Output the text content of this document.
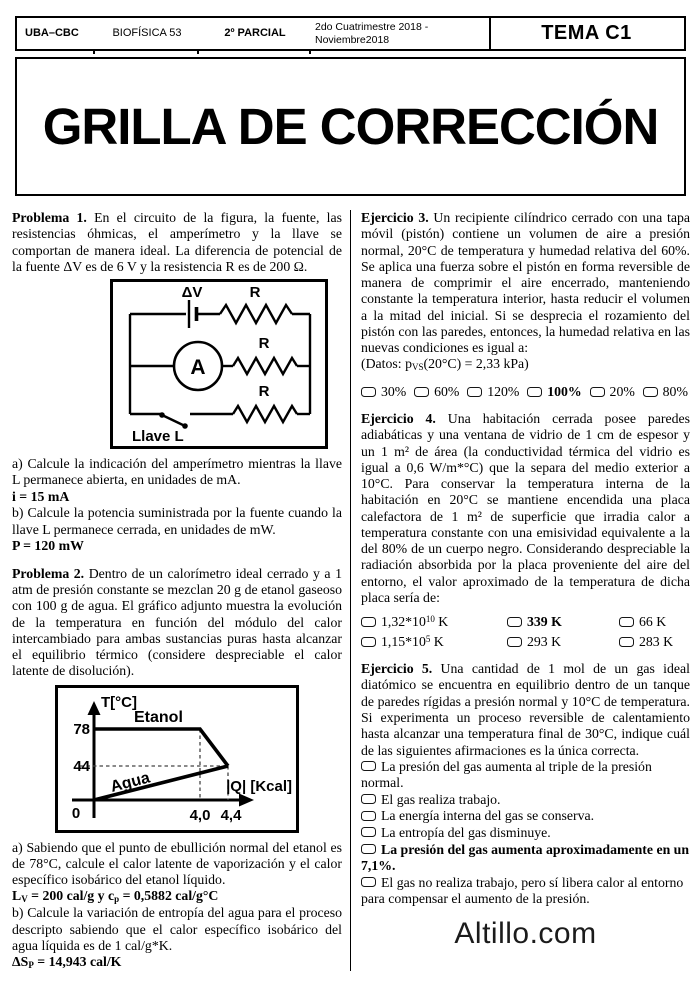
UBA–CBC	BIOFÍSICA 53	2º PARCIAL	2do Cuatrimestre 2018 - Noviembre2018	TEMA C1
GRILLA DE CORRECCIÓN

Problema 1. En el circuito de la figura, la fuente, las resistencias óhmicas, el amperímetro y la llave se comportan de manera ideal. La diferencia de potencial de la fuente ΔV es de 6 V y la resistencia R es de 200 Ω.

ΔV	R
R
R
A
Llave L

a) Calcule la indicación del amperímetro mientras la llave L permanece abierta, en unidades de mA.

i = 15 mA

b) Calcule la potencia suministrada por la fuente cuando la llave L permanece cerrada, en unidades de mW.

P = 120 mW

Problema 2. Dentro de un calorímetro ideal cerrado y a 1 atm de presión constante se mezclan 20 g de etanol gaseoso con 100 g de agua. El gráfico adjunto muestra la evolución de la temperatura en función del módulo del calor intercambiado para ambas sustancias puras hasta alcanzar el equilibrio térmico (considere despreciable el calor latente de disolución).

T[°C]
78
44
0	4,0 4,4
|Q| [Kcal]
Etanol
Agua

a) Sabiendo que el punto de ebullición normal del etanol es de 78°C, calcule el calor latente de vaporización y el calor específico isobárico del etanol líquido.

$L_V = 200$ cal/g y $c_p = 0,5882$ cal/g°C

b) Calcule la variación de entropía del agua para el proceso descripto sabiendo que el calor específico isobárico del agua líquida es de 1 cal/g*K.

$\Delta S_P = 14,943$ cal/K

Ejercicio 3. Un recipiente cilíndrico cerrado con una tapa móvil (pistón) contiene un volumen de aire a presión normal, 20°C de temperatura y humedad relativa del 60%. Se aplica una fuerza sobre el pistón en forma reversible de manera de comprimir el aire encerrado, manteniendo constante la temperatura interior, hasta reducir el volumen a la mitad del inicial. Si se desprecia el rozamiento del pistón con las paredes, entonces, la humedad relativa en las nuevas condiciones es igual a:

(Datos: $p_{VS}(20^\circ C) = 2,33$ kPa)

30%	60%	120%	100%	20%	80%

Ejercicio 4. Una habitación cerrada posee paredes adiabáticas y una ventana de vidrio de 1 cm de espesor y un 1 m² de área (la conductividad térmica del vidrio es igual a 0,6 W/m*°C) que la separa del medio exterior a 10°C. Para conservar la temperatura interna de la habitación en 20°C se mantiene encendida una placa calefactora de 1 m² de superficie que irradia calor a temperatura constante con una emisividad equivalente a la del 80% de un cuerpo negro. Considerando despreciable la radiación absorbida por la placa proveniente del aire del entorno, el valor aproximado de la temperatura de dicha placa sería de:

$1,32*10^{10}$ K	339 K	66 K
$1,15*10^5$ K	293 K	283 K

Ejercicio 5. Una cantidad de 1 mol de un gas ideal diatómico se encuentra en equilibrio dentro de un tanque de paredes rígidas a presión normal y 10°C de temperatura. Si experimenta un proceso reversible de calentamiento hasta alcanzar una temperatura final de 30°C, indique cuál de las siguientes afirmaciones es la única correcta.

La presión del gas aumenta al triple de la presión normal.

El gas realiza trabajo.

La energía interna del gas se conserva.

La entropía del gas disminuye.

La presión del gas aumenta aproximadamente en un 7,1%.

El gas no realiza trabajo, pero sí libera calor al entorno para compensar el aumento de la presión.

Altillo.com
